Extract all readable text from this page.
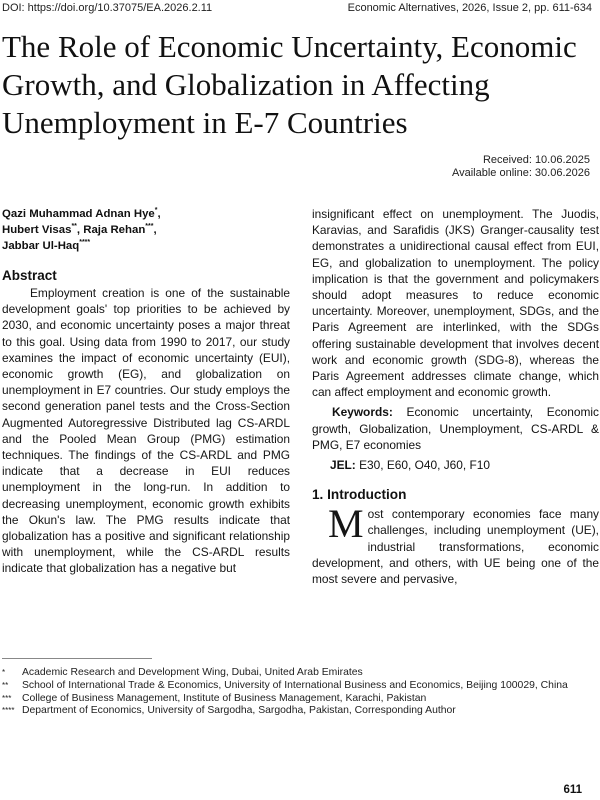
DOI: https://doi.org/10.37075/EA.2026.2.11	Economic Alternatives, 2026, Issue 2, pp. 611-634
The Role of Economic Uncertainty, Economic Growth, and Globalization in Affecting Unemployment in E-7 Countries
Received: 10.06.2025
Available online: 30.06.2026
Qazi Muhammad Adnan Hye*,
Hubert Visas**, Raja Rehan***,
Jabbar Ul-Haq****
Abstract

Employment creation is one of the sustainable development goals' top priorities to be achieved by 2030, and economic uncertainty poses a major threat to this goal. Using data from 1990 to 2017, our study examines the impact of economic uncertainty (EUI), economic growth (EG), and globalization on unemployment in E7 countries. Our study employs the second generation panel tests and the Cross-Section Augmented Autoregressive Distributed lag CS-ARDL and the Pooled Mean Group (PMG) estimation techniques. The findings of the CS-ARDL and PMG indicate that a decrease in EUI reduces unemployment in the long-run. In addition to decreasing unemployment, economic growth exhibits the Okun's law. The PMG results indicate that globalization has a positive and significant relationship with unemployment, while the CS-ARDL results indicate that globalization has a negative but

insignificant effect on unemployment. The Juodis, Karavias, and Sarafidis (JKS) Granger-causality test demonstrates a unidirectional causal effect from EUI, EG, and globalization to unemployment. The policy implication is that the government and policymakers should adopt measures to reduce economic uncertainty. Moreover, unemployment, SDGs, and the Paris Agreement are interlinked, with the SDGs offering sustainable development that involves decent work and economic growth (SDG-8), whereas the Paris Agreement addresses climate change, which can affect employment and economic growth.

Keywords: Economic uncertainty, Economic growth, Globalization, Unemployment, CS-ARDL & PMG, E7 economies

JEL: E30, E60, O40, J60, F10

1. Introduction

Most contemporary economies face many challenges, including unemployment (UE), industrial transformations, economic development, and others, with UE being one of the most severe and pervasive,

*	Academic Research and Development Wing, Dubai, United Arab Emirates
**	School of International Trade & Economics, University of International Business and Economics, Beijing 100029, China
***	College of Business Management, Institute of Business Management, Karachi, Pakistan
**** Department of Economics, University of Sargodha, Sargodha, Pakistan, Corresponding Author
611
